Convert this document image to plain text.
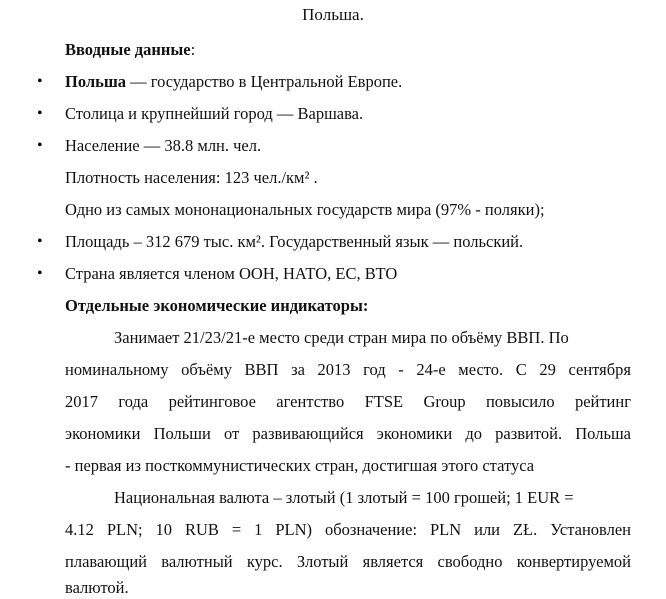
Польша.
Вводные данные:
• Польша — государство в Центральной Европе.
• Столица и крупнейший город — Варшава.
• Население — 38.8 млн. чел.
Плотность населения: 123 чел./км² .
Одно из самых мононациональных государств мира (97% - поляки);
• Площадь – 312 679 тыс. км². Государственный язык — польский.
• Страна является членом ООН, НАТО, ЕС, ВТО
Отдельные экономические индикаторы:
Занимает 21/23/21-е место среди стран мира по объёму ВВП. По
номинальному объёму ВВП за 2013 год - 24-е место. С 29 сентября
2017 года рейтинговое агентство FTSE Group повысило рейтинг
экономики Польши от развивающийся экономики до развитой. Польша
- первая из посткоммунистических стран, достигшая этого статуса
Национальная валюта – злотый (1 злотый = 100 грошей; 1 EUR =
4.12 PLN; 10 RUB = 1 PLN) обозначение: PLN или ZŁ. Установлен
плавающий валютный курс. Злотый является свободно конвертируемой
валютой.
